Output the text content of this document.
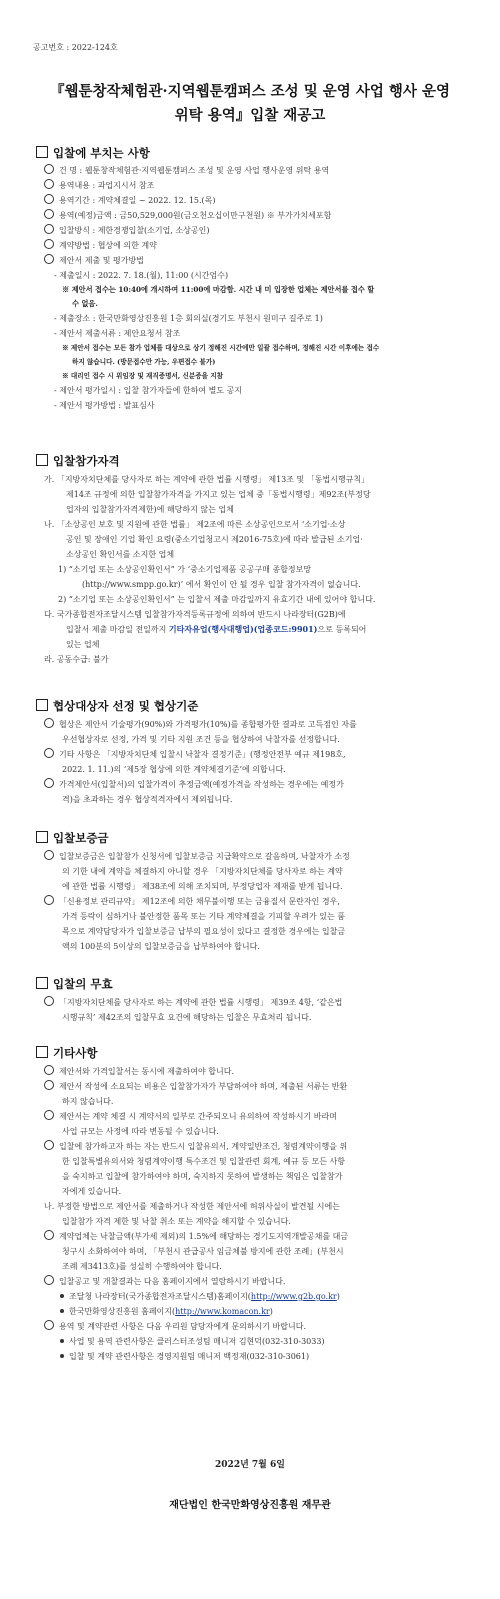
공고번호 : 2022-124호
『웹툰창작체험관·지역웹툰캠퍼스 조성 및 운영 사업 행사 운영
위탁 용역』입찰 재공고
입찰에 부치는 사항
건 명 : 웹툰창작체험관·지역웹툰캠퍼스 조성 및 운영 사업 행사운영 위탁 용역
용역내용 : 과업지시서 참조
용역기간 : 계약체결일 ~ 2022. 12. 15.(목)
용역(예정)금액 : 금50,529,000원(금오천오십이만구천원) ※ 부가가치세포함
입찰방식 : 제한경쟁입찰(소기업, 소상공인)
계약방법 : 협상에 의한 계약
제안서 제출 및 평가방법
- 제출일시 : 2022. 7. 18.(월), 11:00 (시간엄수)
※ 제안서 접수는 10:40에 개시하여 11:00에 마감함. 시간 내 미 입장한 업체는 제안서를 접수 할
수 없음.
- 제출장소 : 한국만화영상진흥원 1층 회의실(경기도 부천시 원미구 길주로 1)
- 제안서 제출서류 : 제안요청서 참조
※ 제안서 접수는 모든 참가 업체를 대상으로 상기 정해진 시간에만 일괄 접수하며, 정해진 시간 이후에는 접수
하지 않습니다. (방문접수만 가능, 우편접수 불가)
※ 대리인 접수 시 위임장 및 재직증명서, 신분증을 지참
- 제안서 평가일시 : 입찰 참가자들에 한하여 별도 공지
- 제안서 평가방법 : 발표심사
입찰참가자격
가. 「지방자치단체를 당사자로 하는 계약에 관한 법률 시행령」 제13조 및 「동법시행규칙」
제14조 규정에 의한 입찰참가자격을 가지고 있는 업체 중「동법시행령」제92조(부정당
업자의 입찰참가자격제한)에 해당하지 않는 업체
나. 「소상공인 보호 및 지원에 관한 법률」 제2조에 따른 소상공인으로서 ‘소기업·소상
공인 및 장애인 기업 확인 요령(중소기업청고시 제2016-75호)에 따라 발급된 소기업·
소상공인 확인서를 소지한 업체
1) “소기업 또는 소상공인확인서” 가 ‘중소기업제품 공공구매 종합정보망
(http://www.smpp.go.kr)’ 에서 확인이 안 될 경우 입찰 참가자격이 없습니다.
2) “소기업 또는 소상공인확인서” 는 입찰서 제출 마감일까지 유효기간 내에 있어야 합니다.
다. 국가종합전자조달시스템 입찰참가자격등록규정에 의하여 반드시 나라장터(G2B)에
입찰서 제출 마감일 전일까지 기타자유업(행사대행업)(업종코드:9901)으로 등록되어
있는 업체
라. 공동수급: 불가
협상대상자 선정 및 협상기준
협상은 제안서 기술평가(90%)와 가격평가(10%)를 종합평가한 결과로 고득점인 자를
우선협상자로 선정, 가격 및 기타 지원 조건 등을 협상하여 낙찰자를 선정합니다.
기타 사항은 「지방자치단체 입찰시 낙찰자 결정기준」(행정안전부 예규 제198호,
2022. 1. 11.)의 ‘제5장 협상에 의한 계약체결기준’에 의합니다.
가격제안서(입찰서)의 입찰가격이 추정금액(예정가격을 작성하는 경우에는 예정가
격)을 초과하는 경우 협상적격자에서 제외됩니다.
입찰보증금
입찰보증금은 입찰참가 신청서에 입찰보증금 지급확약으로 갈음하며, 낙찰자가 소정
의 기한 내에 계약을 체결하지 아니할 경우 「지방자치단체를 당사자로 하는 계약
에 관한 법률 시행령」 제38조에 의해 조치되며, 부정당업자 제재를 받게 됩니다.
「신용정보 관리규약」 제12조에 의한 채무불이행 또는 금융질서 문란자인 경우,
가격 등락이 심하거나 불안정한 품목 또는 기타 계약체결을 기피할 우려가 있는 품
목으로 계약담당자가 입찰보증금 납부의 필요성이 있다고 결정한 경우에는 입찰금
액의 100분의 5이상의 입찰보증금을 납부하여야 합니다.
입찰의 무효
「지방자치단체를 당사자로 하는 계약에 관한 법률 시행령」 제39조 4항, ‘같은법
시행규칙’ 제42조의 입찰무효 요건에 해당하는 입찰은 무효처리 됩니다.
기타사항
제안서와 가격입찰서는 동시에 제출하여야 합니다.
제안서 작성에 소요되는 비용은 입찰참가자가 부담하여야 하며, 제출된 서류는 반환
하지 않습니다.
제안서는 계약 체결 시 계약서의 일부로 간주되오니 유의하여 작성하시기 바라며
사업 규모는 사정에 따라 변동될 수 있습니다.
입찰에 참가하고자 하는 자는 반드시 입찰유의서, 계약일반조건, 청렴계약이행을 위
한 입찰특별유의서와 청렴계약이행 특수조건 및 입찰관련 회계, 예규 등 모든 사항
을 숙지하고 입찰에 참가하여야 하며, 숙지하지 못하여 발생하는 책임은 입찰참가
자에게 있습니다.
나. 부정한 방법으로 제안서를 제출하거나 작성한 제안서에 허위사실이 발견될 시에는
입찰참가 자격 제한 및 낙찰 취소 또는 계약을 해지할 수 있습니다.
계약업체는 낙찰금액(부가세 제외)의 1.5%에 해당하는 경기도지역개발공채를 대금
청구시 소화하여야 하며, 「부천시 관급공사 임금체불 방지에 관한 조례」(부천시
조례 제3413호)를 성실히 수행하여야 합니다.
입찰공고 및 개찰결과는 다음 홈페이지에서 열람하시기 바랍니다.
조달청 나라장터(국가종합전자조달시스템)홈페이지(http://www.g2b.go.kr)
한국만화영상진흥원 홈페이지(http://www.komacon.kr)
용역 및 계약관련 사항은 다음 우리원 담당자에게 문의하시기 바랍니다.
사업 및 용역 관련사항은 클러스터조성팀 매니저 김현덕(032-310-3033)
입찰 및 계약 관련사항은 경영지원팀 매니저 백정재(032-310-3061)
2022년 7월 6일
재단법인 한국만화영상진흥원 재무관
